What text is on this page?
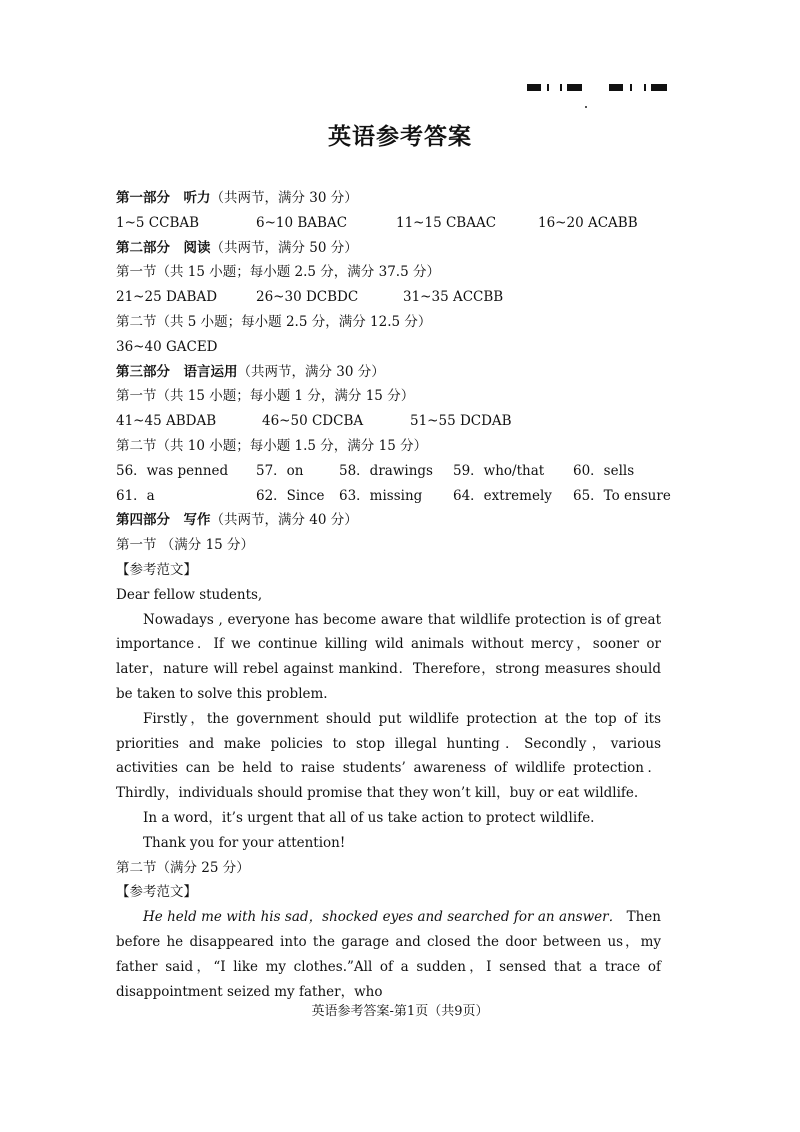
英语参考答案
第一部分　听力（共两节，满分 30 分）
1~5 CCBAB	6~10 BABAC	11~15 CBAAC	16~20 ACABB
第二部分　阅读（共两节，满分 50 分）
第一节（共 15 小题；每小题 2.5 分，满分 37.5 分）
21~25 DABAD	26~30 DCBDC	31~35 ACCBB
第二节（共 5 小题；每小题 2.5 分，满分 12.5 分）
36~40 GACED
第三部分　语言运用（共两节，满分 30 分）
第一节（共 15 小题；每小题 1 分，满分 15 分）
41~45 ABDAB	46~50 CDCBA	51~55 DCDAB
第二节（共 10 小题；每小题 1.5 分，满分 15 分）
56．was penned 57．on	58．drawings 59．who/that 60．sells
61．a	62．Since 63．missing 64．extremely 65．To ensure
第四部分　写作（共两节，满分 40 分）
第一节 （满分 15 分）
【参考范文】
Dear fellow students,

Nowadays , everyone has become aware that wildlife protection is of great importance．If we continue killing wild animals without mercy，sooner or later，nature will rebel against mankind．Therefore，strong measures should be taken to solve this problem.

Firstly，the government should put wildlife protection at the top of its priorities and make policies to stop illegal hunting．Secondly，various activities can be held to raise students’ awareness of wildlife protection．Thirdly，individuals should promise that they won’t kill，buy or eat wildlife.

In a word，it’s urgent that all of us take action to protect wildlife.

Thank you for your attention!

第二节（满分 25 分）
【参考范文】

He held me with his sad，shocked eyes and searched for an answer． Then before he disappeared into the garage and closed the door between us，my father said，“I like my clothes.”All of a sudden，I sensed that a trace of disappointment seized my father，who

英语参考答案-第1页（共9页）
